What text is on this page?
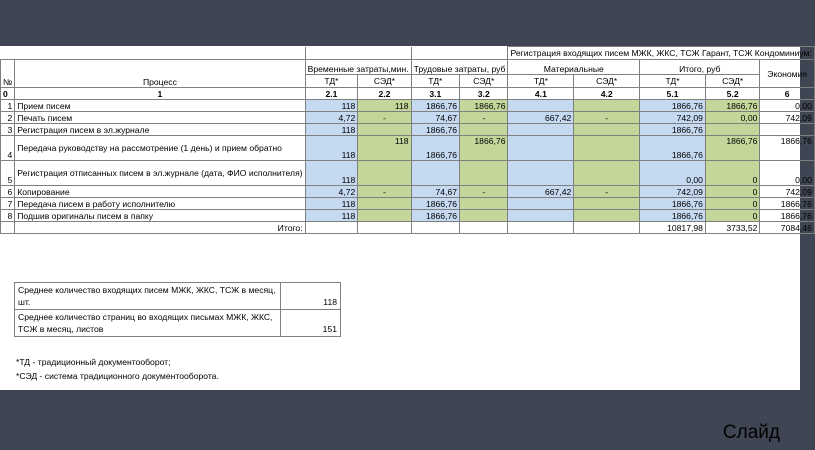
						Регистрация входящих писем МЖК, ЖКС, ТСЖ Гарант, ТСЖ Кондоминиум:				
№	Процесс	Временные затраты,мин.		Трудовые затраты, руб		Материальные		Итого, руб		Экономия
		ТД*	СЭД*	ТД*	СЭД*	ТД*	СЭД*	ТД*	СЭД*	
0	1	2.1	2.2	3.1	3.2	4.1	4.2	5.1	5.2	6
1	Прием писем	118	118	1866,76	1866,76			1866,76	1866,76	0,00
2	Печать писем	4,72	-	74,67	-	667,42	-	742,09	0,00	742,09
3	Регистрация писем в эл.журнале	118		1866,76				1866,76		
4	Передача руководству на рассмотрение (1 день) и прием обратно	118	118	1866,76	1866,76			1866,76	1866,76	1866,76
5	Регистрация отписанных писем в эл.журнале (дата, ФИО исполнителя)	118						0,00	0	0,00
6	Копирование	4,72	-	74,67	-	667,42	-	742,09	0	742,09
7	Передача писем в работу исполнителю	118		1866,76				1866,76	0	1866,76
8	Подшив оригиналы писем в папку	118		1866,76				1866,76	0	1866,76
	Итого:							10817,98	3733,52	7084,46
Среднее количество входящих писем МЖК, ЖКС, ТСЖ в месяц, шт.	118
Среднее количество страниц во входящих письмах МЖК, ЖКС, ТСЖ в месяц, листов	151
*ТД - традиционный документооборот;
*СЭД - система традиционного документооборота.
Слайд
